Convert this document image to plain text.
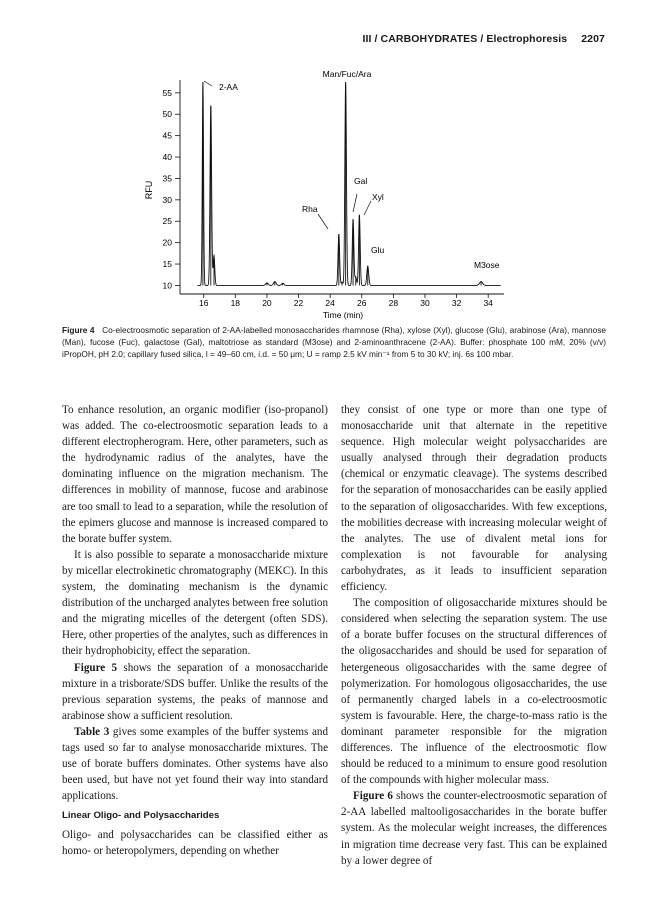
III / CARBOHYDRATES / Electrophoresis 2207
10
15
20
25
30
35
40
45
50
55
16	18	20	22	24	26	28	30	32	34
RFU
Time (min)
2-AA
Man/Fuc/Ara
Gal
Xyl
Rha
Glu
M3ose
Figure 4 Co-electroosmotic separation of 2-AA-labelled monosaccharides rhamnose (Rha), xylose (Xyl), glucose (Glu), arabinose (Ara), mannose (Man), fucose (Fuc), galactose (Gal), maltotriose as standard (M3ose) and 2-aminoanthracene (2-AA). Buffer: phosphate 100 mM, 20% (v/v) iPropOH, pH 2.0; capillary fused silica, l = 49–60 cm, i.d. = 50 μm; U = ramp 2.5 kV min⁻¹ from 5 to 30 kV; inj. 6s 100 mbar.

To enhance resolution, an organic modifier (iso-propanol) was added. The co-electroosmotic separation leads to a different electropherogram. Here, other parameters, such as the hydrodynamic radius of the analytes, have the dominating influence on the migration mechanism. The differences in mobility of mannose, fucose and arabinose are too small to lead to a separation, while the resolution of the epimers glucose and mannose is increased compared to the borate buffer system.

It is also possible to separate a monosaccharide mixture by micellar electrokinetic chromatography (MEKC). In this system, the dominating mechanism is the dynamic distribution of the uncharged analytes between free solution and the migrating micelles of the detergent (often SDS). Here, other properties of the analytes, such as differences in their hydrophobicity, effect the separation.

Figure 5 shows the separation of a monosaccharide mixture in a trisborate/SDS buffer. Unlike the results of the previous separation systems, the peaks of mannose and arabinose show a sufficient resolution.

Table 3 gives some examples of the buffer systems and tags used so far to analyse monosaccharide mixtures. The use of borate buffers dominates. Other systems have also been used, but have not yet found their way into standard applications.

Linear Oligo- and Polysaccharides

Oligo- and polysaccharides can be classified either as homo- or heteropolymers, depending on whether

they consist of one type or more than one type of monosaccharide unit that alternate in the repetitive sequence. High molecular weight polysaccharides are usually analysed through their degradation products (chemical or enzymatic cleavage). The systems described for the separation of monosaccharides can be easily applied to the separation of oligosaccharides. With few exceptions, the mobilities decrease with increasing molecular weight of the analytes. The use of divalent metal ions for complexation is not favourable for analysing carbohydrates, as it leads to insufficient separation efficiency.

The composition of oligosaccharide mixtures should be considered when selecting the separation system. The use of a borate buffer focuses on the structural differences of the oligosaccharides and should be used for separation of hetergeneous oligosaccharides with the same degree of polymerization. For homologous oligosaccharides, the use of permanently charged labels in a co-electroosmotic system is favourable. Here, the charge-to-mass ratio is the dominant parameter responsible for the migration differences. The influence of the electroosmotic flow should be reduced to a minimum to ensure good resolution of the compounds with higher molecular mass.

Figure 6 shows the counter-electroosmotic separation of 2-AA labelled maltooligosaccharides in the borate buffer system. As the molecular weight increases, the differences in migration time decrease very fast. This can be explained by a lower degree of
